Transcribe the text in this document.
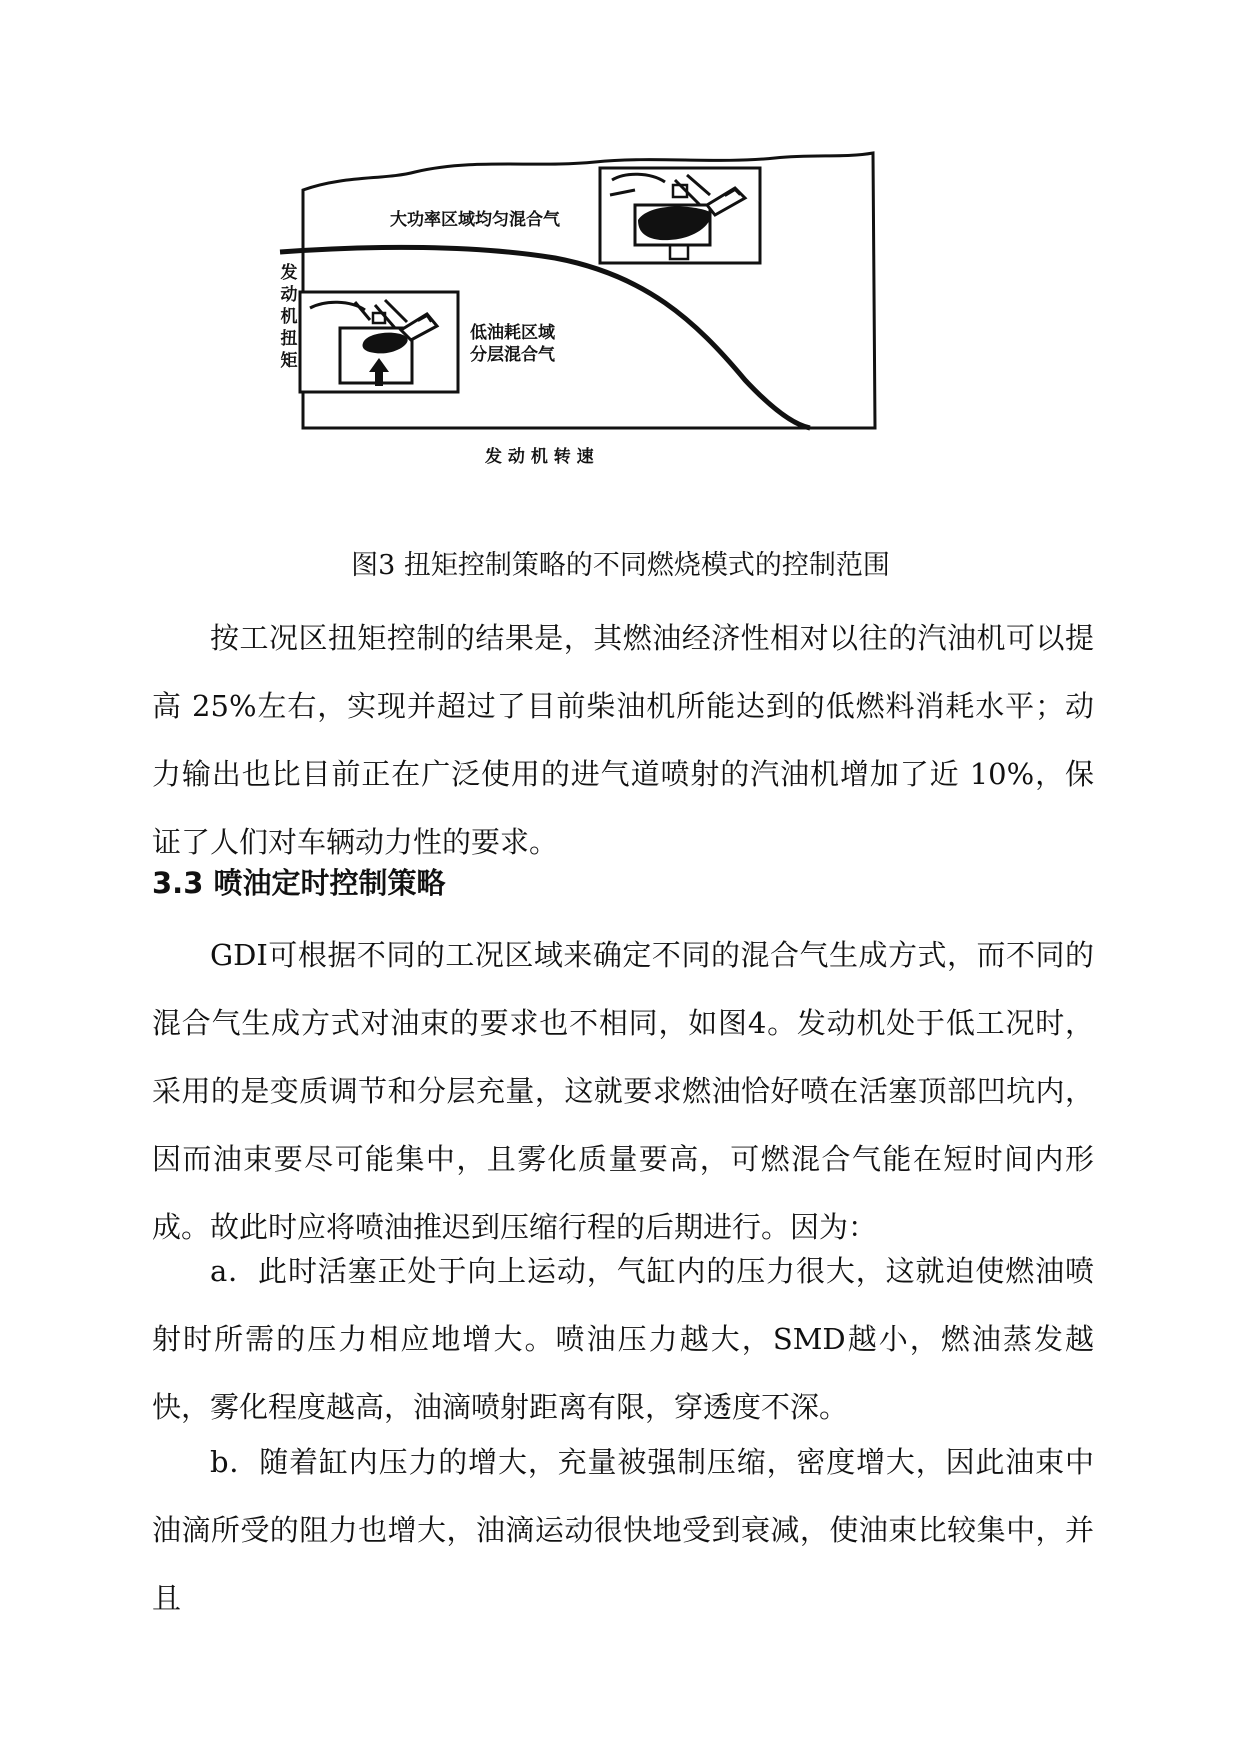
发动机扭矩
大功率区域均匀混合气
低油耗区域
分层混合气
发 动 机 转 速
图3 扭矩控制策略的不同燃烧模式的控制范围
按工况区扭矩控制的结果是，其燃油经济性相对以往的汽油机可以提高 25%左右，实现并超过了目前柴油机所能达到的低燃料消耗水平；动力输出也比目前正在广泛使用的进气道喷射的汽油机增加了近 10%，保证了人们对车辆动力性的要求。
3.3 喷油定时控制策略
GDI可根据不同的工况区域来确定不同的混合气生成方式，而不同的混合气生成方式对油束的要求也不相同，如图4。发动机处于低工况时，采用的是变质调节和分层充量，这就要求燃油恰好喷在活塞顶部凹坑内，因而油束要尽可能集中，且雾化质量要高，可燃混合气能在短时间内形成。故此时应将喷油推迟到压缩行程的后期进行。因为：
a．此时活塞正处于向上运动，气缸内的压力很大，这就迫使燃油喷射时所需的压力相应地增大。喷油压力越大，SMD越小，燃油蒸发越快，雾化程度越高，油滴喷射距离有限，穿透度不深。
b．随着缸内压力的增大，充量被强制压缩，密度增大，因此油束中油滴所受的阻力也增大，油滴运动很快地受到衰减，使油束比较集中，并且
